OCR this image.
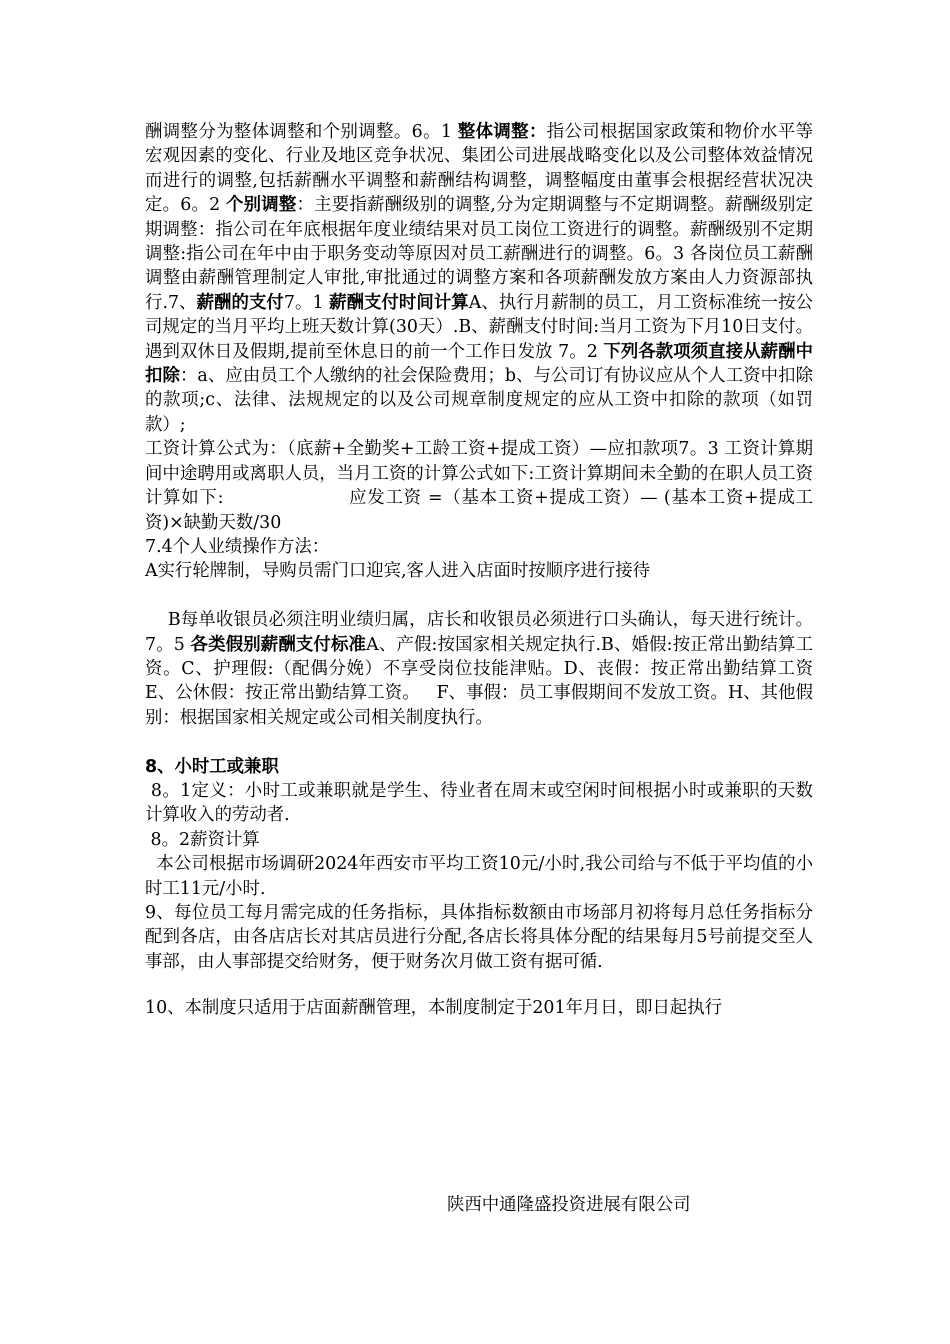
酬调整分为整体调整和个别调整。6。1 整体调整：指公司根据国家政策和物价水平等宏观因素的变化、行业及地区竞争状况、集团公司进展战略变化以及公司整体效益情况而进行的调整,包括薪酬水平调整和薪酬结构调整，调整幅度由董事会根据经营状况决定。6。2 个别调整：主要指薪酬级别的调整,分为定期调整与不定期调整。薪酬级别定期调整：指公司在年底根据年度业绩结果对员工岗位工资进行的调整。薪酬级别不定期调整:指公司在年中由于职务变动等原因对员工薪酬进行的调整。6。3 各岗位员工薪酬调整由薪酬管理制定人审批,审批通过的调整方案和各项薪酬发放方案由人力资源部执行.7、薪酬的支付7。1 薪酬支付时间计算A、执行月薪制的员工，月工资标准统一按公司规定的当月平均上班天数计算(30天）.B、薪酬支付时间:当月工资为下月10日支付。遇到双休日及假期,提前至休息日的前一个工作日发放 7。2 下列各款项须直接从薪酬中扣除：a、应由员工个人缴纳的社会保险费用；b、与公司订有协议应从个人工资中扣除的款项;c、法律、法规规定的以及公司规章制度规定的应从工资中扣除的款项（如罚款）;

工资计算公式为：（底薪+全勤奖+工龄工资+提成工资）—应扣款项7。3 工资计算期间中途聘用或离职人员，当月工资的计算公式如下:工资计算期间未全勤的在职人员工资计算如下:                    应发工资 =（基本工资+提成工资）— (基本工资+提成工资)×缺勤天数/30

7.4个人业绩操作方法：

A实行轮牌制，导购员需门口迎宾,客人进入店面时按顺序进行接待

B每单收银员必须注明业绩归属，店长和收银员必须进行口头确认，每天进行统计。7。5 各类假别薪酬支付标准A、产假:按国家相关规定执行.B、婚假:按正常出勤结算工资。C、护理假:（配偶分娩）不享受岗位技能津贴。D、丧假：按正常出勤结算工资E、公休假：按正常出勤结算工资。   F、事假：员工事假期间不发放工资。H、其他假别：根据国家相关规定或公司相关制度执行。

8、小时工或兼职

8。1定义：小时工或兼职就是学生、待业者在周末或空闲时间根据小时或兼职的天数计算收入的劳动者.

8。2薪资计算

本公司根据市场调研2024年西安市平均工资10元/小时,我公司给与不低于平均值的小时工11元/小时.

9、每位员工每月需完成的任务指标，具体指标数额由市场部月初将每月总任务指标分配到各店，由各店店长对其店员进行分配,各店长将具体分配的结果每月5号前提交至人事部，由人事部提交给财务，便于财务次月做工资有据可循.

10、本制度只适用于店面薪酬管理，本制度制定于201年月日，即日起执行

陕西中通隆盛投资进展有限公司
